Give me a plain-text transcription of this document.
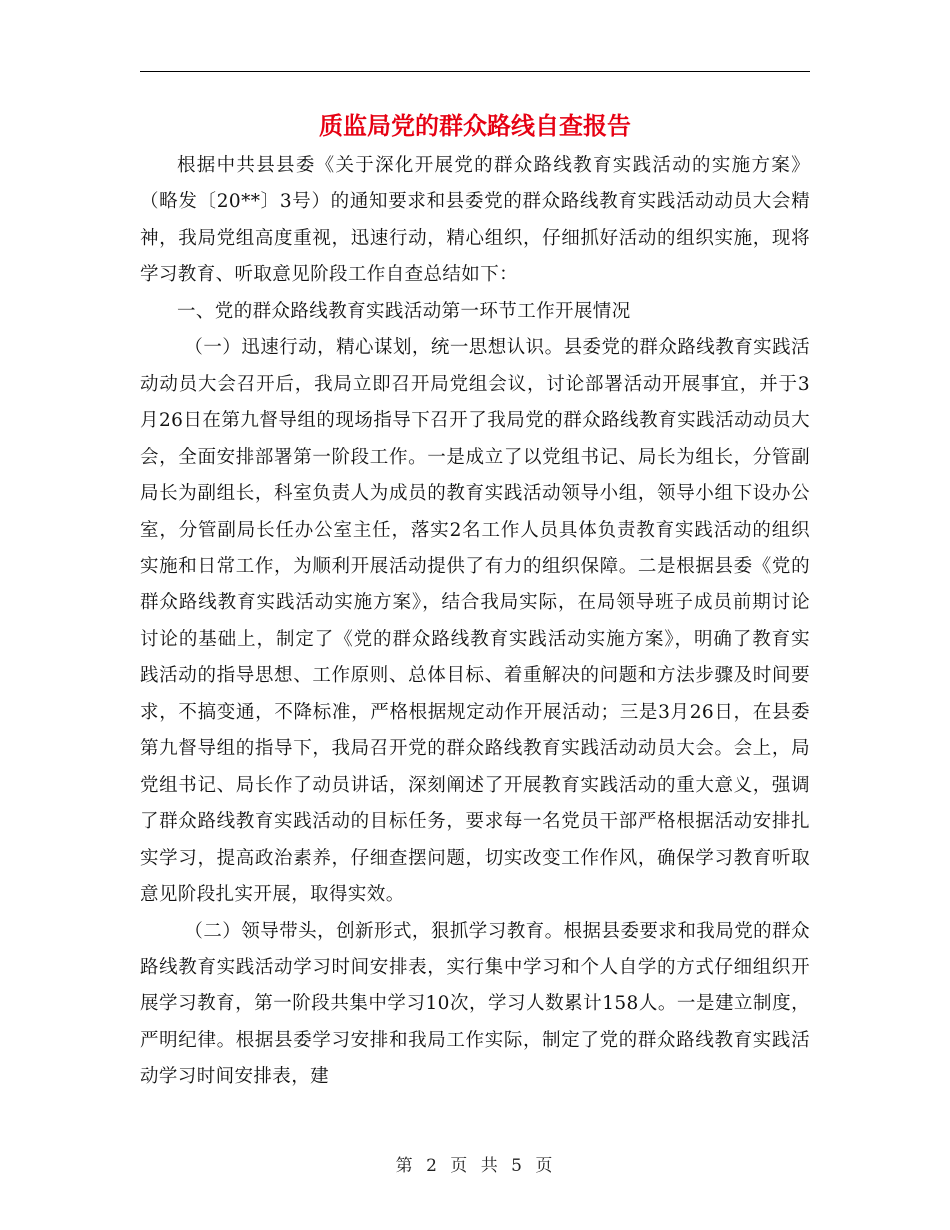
质监局党的群众路线自查报告

根据中共县县委《关于深化开展党的群众路线教育实践活动的实施方案》（略发〔20**〕3号）的通知要求和县委党的群众路线教育实践活动动员大会精神，我局党组高度重视，迅速行动，精心组织，仔细抓好活动的组织实施，现将学习教育、听取意见阶段工作自查总结如下：

一、党的群众路线教育实践活动第一环节工作开展情况

（一）迅速行动，精心谋划，统一思想认识。县委党的群众路线教育实践活动动员大会召开后，我局立即召开局党组会议，讨论部署活动开展事宜，并于3月26日在第九督导组的现场指导下召开了我局党的群众路线教育实践活动动员大会，全面安排部署第一阶段工作。一是成立了以党组书记、局长为组长，分管副局长为副组长，科室负责人为成员的教育实践活动领导小组，领导小组下设办公室，分管副局长任办公室主任，落实2名工作人员具体负责教育实践活动的组织实施和日常工作，为顺利开展活动提供了有力的组织保障。二是根据县委《党的群众路线教育实践活动实施方案》，结合我局实际，在局领导班子成员前期讨论讨论的基础上，制定了《党的群众路线教育实践活动实施方案》，明确了教育实践活动的指导思想、工作原则、总体目标、着重解决的问题和方法步骤及时间要求，不搞变通，不降标准，严格根据规定动作开展活动；三是3月26日，在县委第九督导组的指导下，我局召开党的群众路线教育实践活动动员大会。会上，局党组书记、局长作了动员讲话，深刻阐述了开展教育实践活动的重大意义，强调了群众路线教育实践活动的目标任务，要求每一名党员干部严格根据活动安排扎实学习，提高政治素养，仔细查摆问题，切实改变工作作风，确保学习教育听取意见阶段扎实开展，取得实效。

（二）领导带头，创新形式，狠抓学习教育。根据县委要求和我局党的群众路线教育实践活动学习时间安排表，实行集中学习和个人自学的方式仔细组织开展学习教育，第一阶段共集中学习10次，学习人数累计158人。一是建立制度，严明纪律。根据县委学习安排和我局工作实际，制定了党的群众路线教育实践活动学习时间安排表，建

第 2 页 共 5 页
